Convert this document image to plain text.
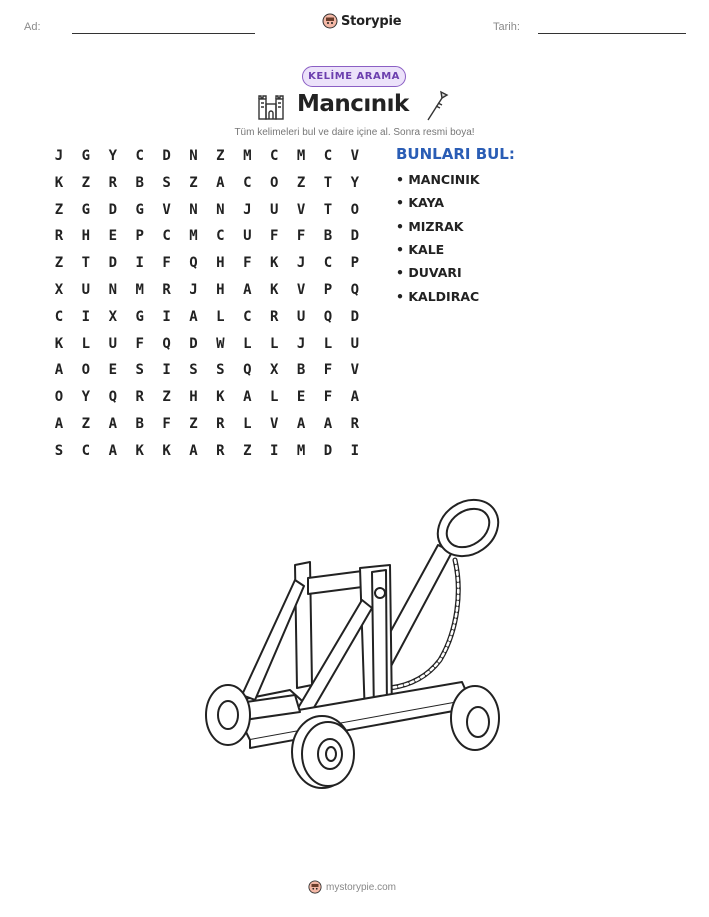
Ad:	Tarih:
Storypie
KELİME ARAMA
Mancınık
Tüm kelimeleri bul ve daire içine al. Sonra resmi boya!
J	G	Y	C	D	N	Z	M	C	M	C	V
K	Z	R	B	S	Z	A	C	O	Z	T	Y
Z	G	D	G	V	N	N	J	U	V	T	O
R	H	E	P	C	M	C	U	F	F	B	D
Z	T	D	I	F	Q	H	F	K	J	C	P
X	U	N	M	R	J	H	A	K	V	P	Q
C	I	X	G	I	A	L	C	R	U	Q	D
K	L	U	F	Q	D	W	L	L	J	L	U
A	O	E	S	I	S	S	Q	X	B	F	V
O	Y	Q	R	Z	H	K	A	L	E	F	A
A	Z	A	B	F	Z	R	L	V	A	A	R
S	C	A	K	K	A	R	Z	I	M	D	I
BUNLARI BUL:
• MANCINIK
• KAYA
• MIZRAK
• KALE
• DUVARI
• KALDIRAC
mystorypie.com
